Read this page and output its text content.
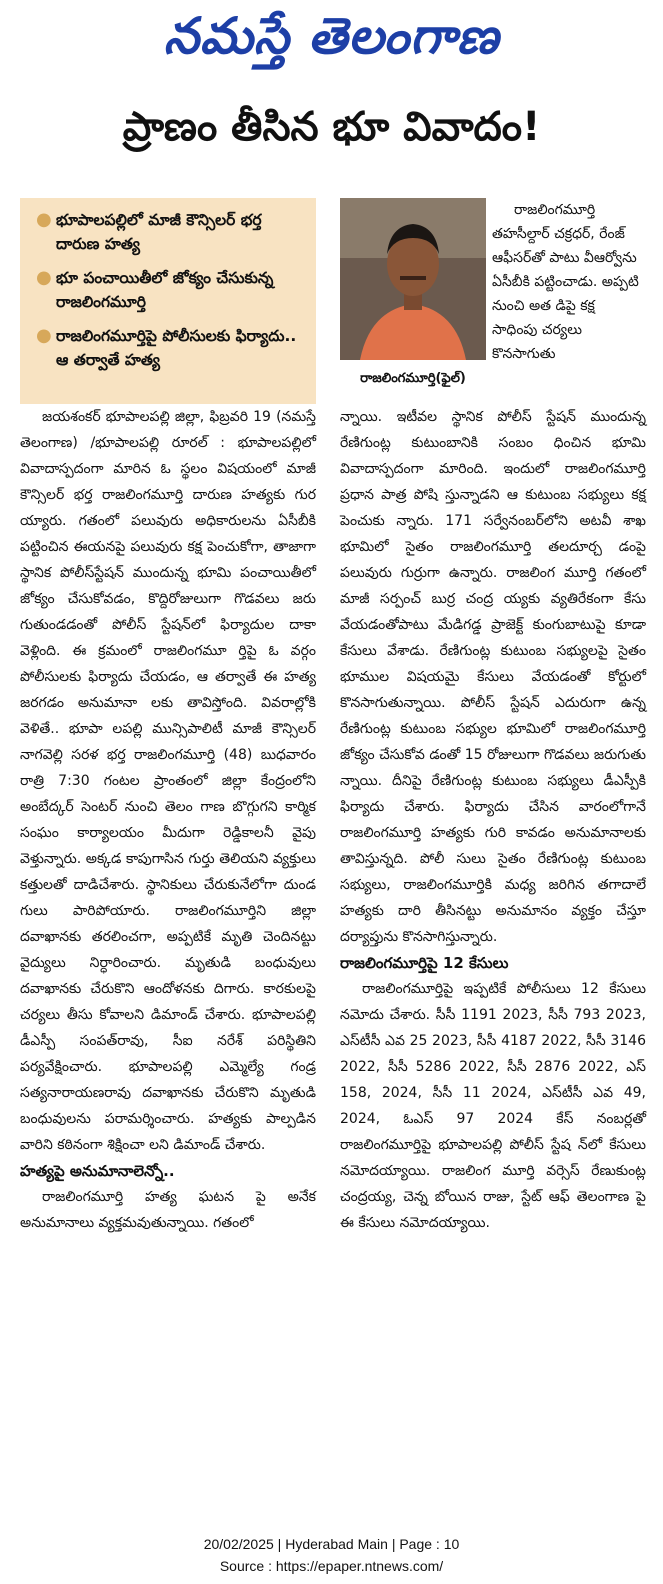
నమస్తే తెలంగాణ
ప్రాణం తీసిన భూ వివాదం!
● భూపాలపల్లిలో మాజీ కౌన్సిలర్ భర్త దారుణ హత్య
● భూ పంచాయితీలో జోక్యం చేసుకున్న రాజలింగమూర్తి
● రాజలింగమూర్తిపై పోలీసులకు ఫిర్యాదు.. ఆ తర్వాతే హత్య
రాజలింగమూర్తి(ఫైల్)

రాజలింగమూర్తి తహసీల్దార్ చక్రధర్, రేంజ్ ఆఫీసర్‌తో పాటు వీఆర్వోను ఏసీబీకి పట్టించాడు. అప్పటి నుంచి అత డిపై కక్ష సాధింపు చర్యలు కొనసాగుతు

జయశంకర్ భూపాలపల్లి జిల్లా, ఫిబ్రవరి 19 (నమస్తే తెలంగాణ) /భూపాలపల్లి రూరల్ : భూపాలపల్లిలో వివాదాస్పదంగా మారిన ఓ స్థలం విషయంలో మాజీ కౌన్సిలర్ భర్త రాజలింగమూర్తి దారుణ హత్యకు గుర య్యారు. గతంలో పలువురు అధికారులను ఏసీబీకి పట్టించిన ఈయనపై పలువురు కక్ష పెంచుకోగా, తాజాగా స్థానిక పోలీస్‌స్టేషన్ ముందున్న భూమి పంచాయితీలో జోక్యం చేసుకోవడం, కొద్దిరోజులుగా గొడవలు జరు గుతుండడంతో పోలీస్ స్టేషన్‌లో ఫిర్యాదుల దాకా వెళ్లింది. ఈ క్రమంలో రాజలింగమూ ర్తిపై ఓ వర్గం పోలీసులకు ఫిర్యాదు చేయడం, ఆ తర్వాతే ఈ హత్య జరగడం అనుమానా లకు తావిస్తోంది. వివరాల్లోకి వెళితే.. భూపా లపల్లి మున్సిపాలిటీ మాజీ కౌన్సిలర్ నాగవెల్లి సరళ భర్త రాజలింగమూర్తి (48) బుధవారం రాత్రి 7:30 గంటల ప్రాంతంలో జిల్లా కేంద్రంలోని అంబేద్కర్ సెంటర్ నుంచి తెలం గాణ బొగ్గుగని కార్మిక సంఘం కార్యాలయం మీదుగా రెడ్డికాలనీ వైపు వెళ్తున్నారు. అక్కడ కాపుగాసిన గుర్తు తెలియని వ్యక్తులు కత్తులతో దాడిచేశారు. స్థానికులు చేరుకునేలోగా దుండ గులు పారిపోయారు. రాజలింగమూర్తిని జిల్లా దవాఖానకు తరలించగా, అప్పటికే మృతి చెందినట్టు వైద్యులు నిర్ధారించారు. మృతుడి బంధువులు దవాఖానకు చేరుకొని ఆందోళనకు దిగారు. కారకులపై చర్యలు తీసు కోవాలని డిమాండ్ చేశారు. భూపాలపల్లి డీఎస్పీ సంపత్‌రావు, సీఐ నరేశ్ పరిస్థితిని పర్యవేక్షించారు. భూపాలపల్లి ఎమ్మెల్యే గండ్ర సత్యనారాయణరావు దవాఖానకు చేరుకొని మృతుడి బంధువులను పరామర్శించారు. హత్యకు పాల్పడిన వారిని కఠినంగా శిక్షించా లని డిమాండ్ చేశారు.

హత్యపై అనుమానాలెన్నో..

రాజలింగమూర్తి హత్య ఘటన పై అనేక అనుమానాలు వ్యక్తమవుతున్నాయి. గతంలో

న్నాయి. ఇటీవల స్థానిక పోలీస్ స్టేషన్ ముందున్న రేణిగుంట్ల కుటుంబానికి సంబం ధించిన భూమి వివాదాస్పదంగా మారింది. ఇందులో రాజలింగమూర్తి ప్రధాన పాత్ర పోషి స్తున్నాడని ఆ కుటుంబ సభ్యులు కక్ష పెంచుకు న్నారు. 171 సర్వేనంబర్‌లోని అటవీ శాఖ భూమిలో సైతం రాజలింగమూర్తి తలదూర్చ డంపై పలువురు గుర్రుగా ఉన్నారు. రాజలింగ మూర్తి గతంలో మాజీ సర్పంచ్ బుర్ర చంద్ర య్యకు వ్యతిరేకంగా కేసు వేయడంతోపాటు మేడిగడ్డ ప్రాజెక్ట్ కుంగుబాటుపై కూడా కేసులు వేశాడు. రేణిగుంట్ల కుటుంబ సభ్యులపై సైతం భూముల విషయమై కేసులు వేయడంతో కోర్టులో కొనసాగుతున్నాయి. పోలీస్ స్టేషన్ ఎదురుగా ఉన్న రేణిగుంట్ల కుటుంబ సభ్యుల భూమిలో రాజలింగమూర్తి జోక్యం చేసుకోవ డంతో 15 రోజులుగా గొడవలు జరుగుతు న్నాయి. దీనిపై రేణిగుంట్ల కుటుంబ సభ్యులు డీఎస్పీకి ఫిర్యాదు చేశారు. ఫిర్యాదు చేసిన వారంలోగానే రాజలింగమూర్తి హత్యకు గురి కావడం అనుమానాలకు తావిస్తున్నది. పోలీ సులు సైతం రేణిగుంట్ల కుటుంబ సభ్యులు, రాజలింగమూర్తికి మధ్య జరిగిన తగాదాలే హత్యకు దారి తీసినట్టు అనుమానం వ్యక్తం చేస్తూ దర్యాప్తును కొనసాగిస్తున్నారు.

రాజలింగమూర్తిపై 12 కేసులు

రాజలింగమూర్తిపై ఇప్పటికే పోలీసులు 12 కేసులు నమోదు చేశారు. సీసీ 1191 2023, సీసీ 793 2023, ఎస్‌టీసీ ఎవ 25 2023, సీసీ 4187 2022, సీసీ 3146 2022, సీసీ 5286 2022, సీసీ 2876 2022, ఎస్ 158, 2024, సీసీ 11 2024, ఎస్‌టీసీ ఎవ 49, 2024, ఓఎస్ 97 2024 కేస్ నంబర్లతో రాజలింగమూర్తిపై భూపాలపల్లి పోలీస్ స్టేష న్‌లో కేసులు నమోదయ్యాయి. రాజలింగ మూర్తి వర్సెస్ రేణుకుంట్ల చంద్రయ్య, చెన్న బోయిన రాజు, స్టేట్ ఆఫ్ తెలంగాణ పై ఈ కేసులు నమోదయ్యాయి.

20/02/2025 | Hyderabad Main | Page : 10
Source : https://epaper.ntnews.com/
